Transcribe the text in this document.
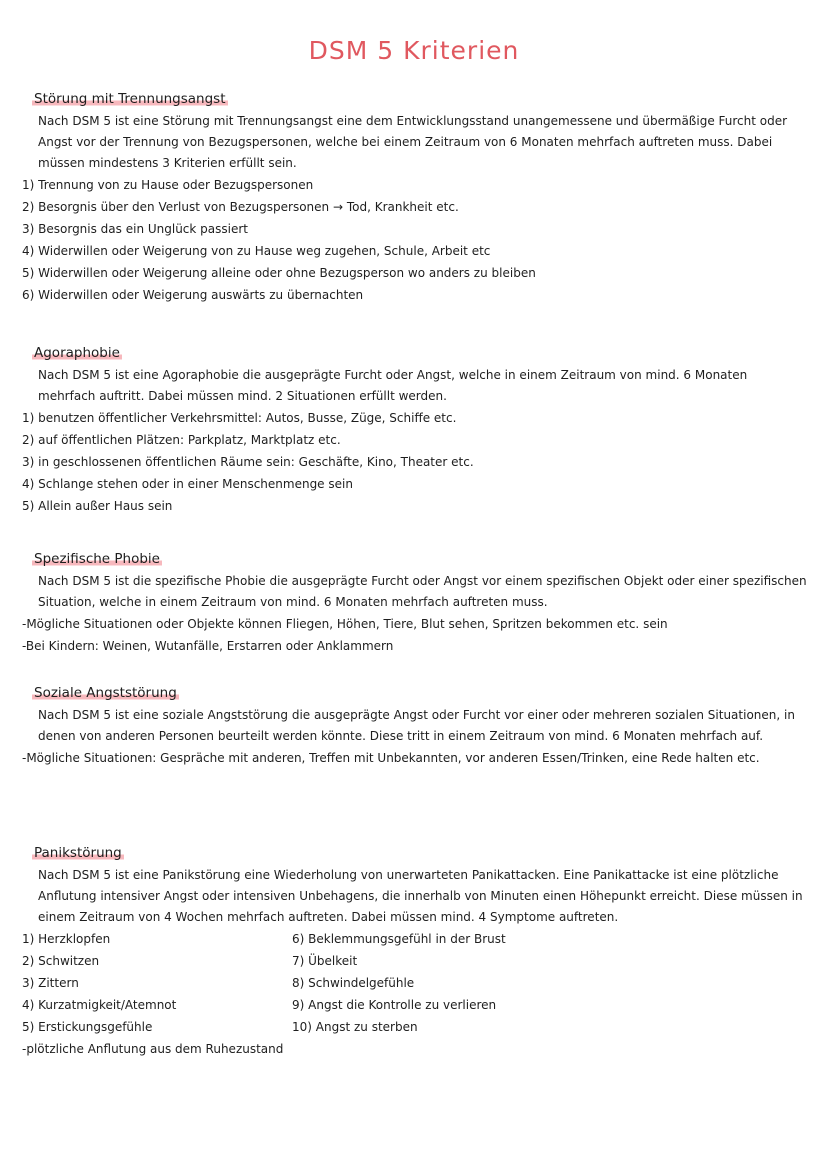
DSM 5 Kriterien
Störung mit Trennungsangst
Nach DSM 5 ist eine Störung mit Trennungsangst eine dem Entwicklungsstand unangemessene und übermäßige Furcht oder Angst vor der Trennung von Bezugspersonen, welche bei einem Zeitraum von 6 Monaten mehrfach auftreten muss. Dabei müssen mindestens 3 Kriterien erfüllt sein.
1) Trennung von zu Hause oder Bezugspersonen
2) Besorgnis über den Verlust von Bezugspersonen → Tod, Krankheit etc.
3) Besorgnis das ein Unglück passiert
4) Widerwillen oder Weigerung von zu Hause weg zugehen, Schule, Arbeit etc
5) Widerwillen oder Weigerung alleine oder ohne Bezugsperson wo anders zu bleiben
6) Widerwillen oder Weigerung auswärts zu übernachten
Agoraphobie
Nach DSM 5 ist eine Agoraphobie die ausgeprägte Furcht oder Angst, welche in einem Zeitraum von mind. 6 Monaten mehrfach auftritt. Dabei müssen mind. 2 Situationen erfüllt werden.
1) benutzen öffentlicher Verkehrsmittel: Autos, Busse, Züge, Schiffe etc.
2) auf öffentlichen Plätzen: Parkplatz, Marktplatz etc.
3) in geschlossenen öffentlichen Räume sein: Geschäfte, Kino, Theater etc.
4) Schlange stehen oder in einer Menschenmenge sein
5) Allein außer Haus sein
Spezifische Phobie
Nach DSM 5 ist die spezifische Phobie die ausgeprägte Furcht oder Angst vor einem spezifischen Objekt oder einer spezifischen Situation, welche in einem Zeitraum von mind. 6 Monaten mehrfach auftreten muss.
-Mögliche Situationen oder Objekte können Fliegen, Höhen, Tiere, Blut sehen, Spritzen bekommen etc. sein
-Bei Kindern: Weinen, Wutanfälle, Erstarren oder Anklammern
Soziale Angststörung
Nach DSM 5 ist eine soziale Angststörung die ausgeprägte Angst oder Furcht vor einer oder mehreren sozialen Situationen, in denen von anderen Personen beurteilt werden könnte. Diese tritt in einem Zeitraum von mind. 6 Monaten mehrfach auf.
-Mögliche Situationen: Gespräche mit anderen, Treffen mit Unbekannten, vor anderen Essen/Trinken, eine Rede halten etc.
Panikstörung
Nach DSM 5 ist eine Panikstörung eine Wiederholung von unerwarteten Panikattacken. Eine Panikattacke ist eine plötzliche Anflutung intensiver Angst oder intensiven Unbehagens, die innerhalb von Minuten einen Höhepunkt erreicht. Diese müssen in einem Zeitraum von 4 Wochen mehrfach auftreten. Dabei müssen mind. 4 Symptome auftreten.
1) Herzklopfen
2) Schwitzen
3) Zittern
4) Kurzatmigkeit/Atemnot
5) Erstickungsgefühle
6) Beklemmungsgefühl in der Brust
7) Übelkeit
8) Schwindelgefühle
9) Angst die Kontrolle zu verlieren
10) Angst zu sterben
-plötzliche Anflutung aus dem Ruhezustand
